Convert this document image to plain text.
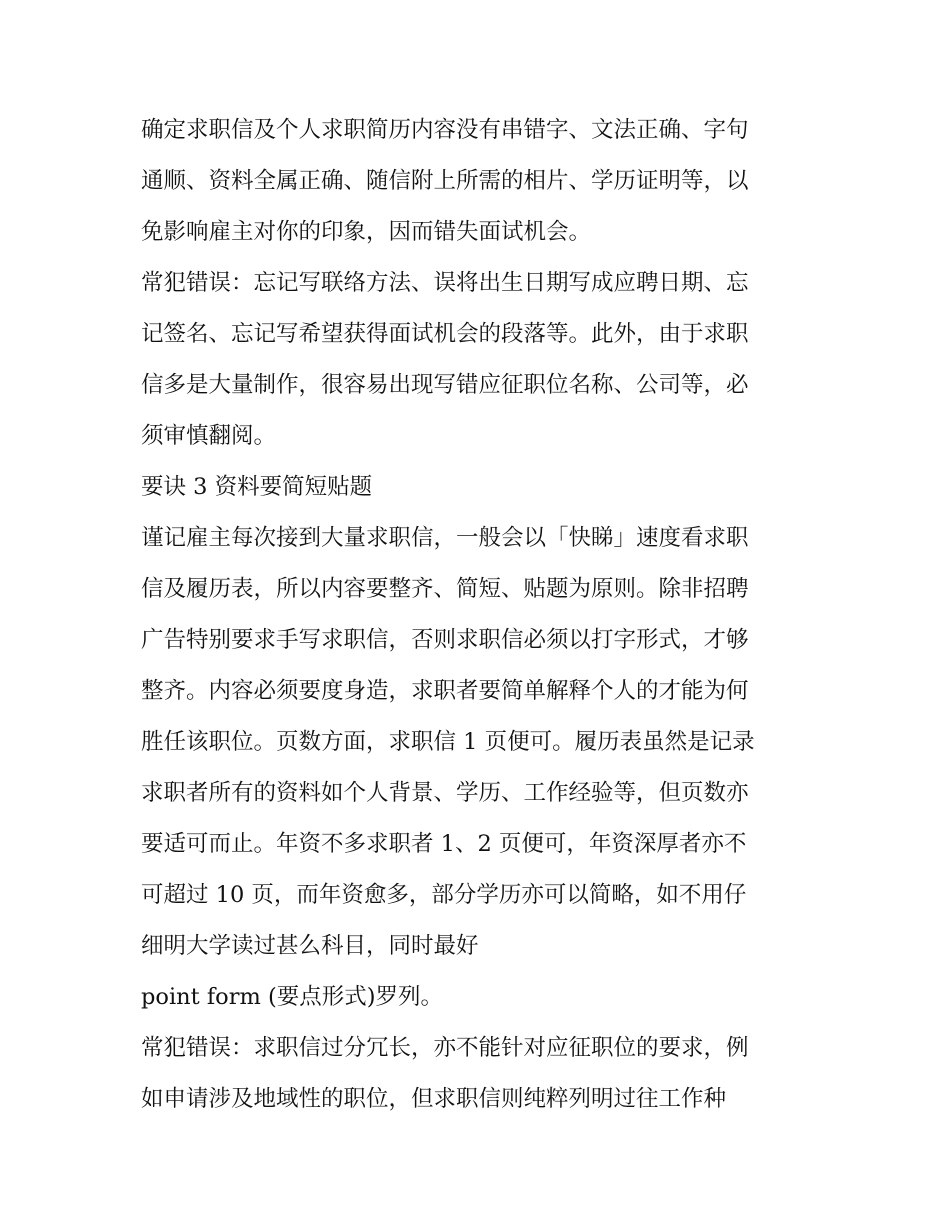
确定求职信及个人求职简历内容没有串错字、文法正确、字句
通顺、资料全属正确、随信附上所需的相片、学历证明等，以
免影响雇主对你的印象，因而错失面试机会。
常犯错误：忘记写联络方法、误将出生日期写成应聘日期、忘
记签名、忘记写希望获得面试机会的段落等。此外，由于求职
信多是大量制作，很容易出现写错应征职位名称、公司等，必
须审慎翻阅。
要诀 3 资料要简短贴题
谨记雇主每次接到大量求职信，一般会以「快睇」速度看求职
信及履历表，所以内容要整齐、简短、贴题为原则。除非招聘
广告特别要求手写求职信，否则求职信必须以打字形式，才够
整齐。内容必须要度身造，求职者要简单解释个人的才能为何
胜任该职位。页数方面，求职信 1 页便可。履历表虽然是记录
求职者所有的资料如个人背景、学历、工作经验等，但页数亦
要适可而止。年资不多求职者 1、2 页便可，年资深厚者亦不
可超过 10 页，而年资愈多，部分学历亦可以简略，如不用仔
细明大学读过甚么科目，同时最好
point form (要点形式)罗列。
常犯错误：求职信过分冗长，亦不能针对应征职位的要求，例
如申请涉及地域性的职位，但求职信则纯粹列明过往工作种
